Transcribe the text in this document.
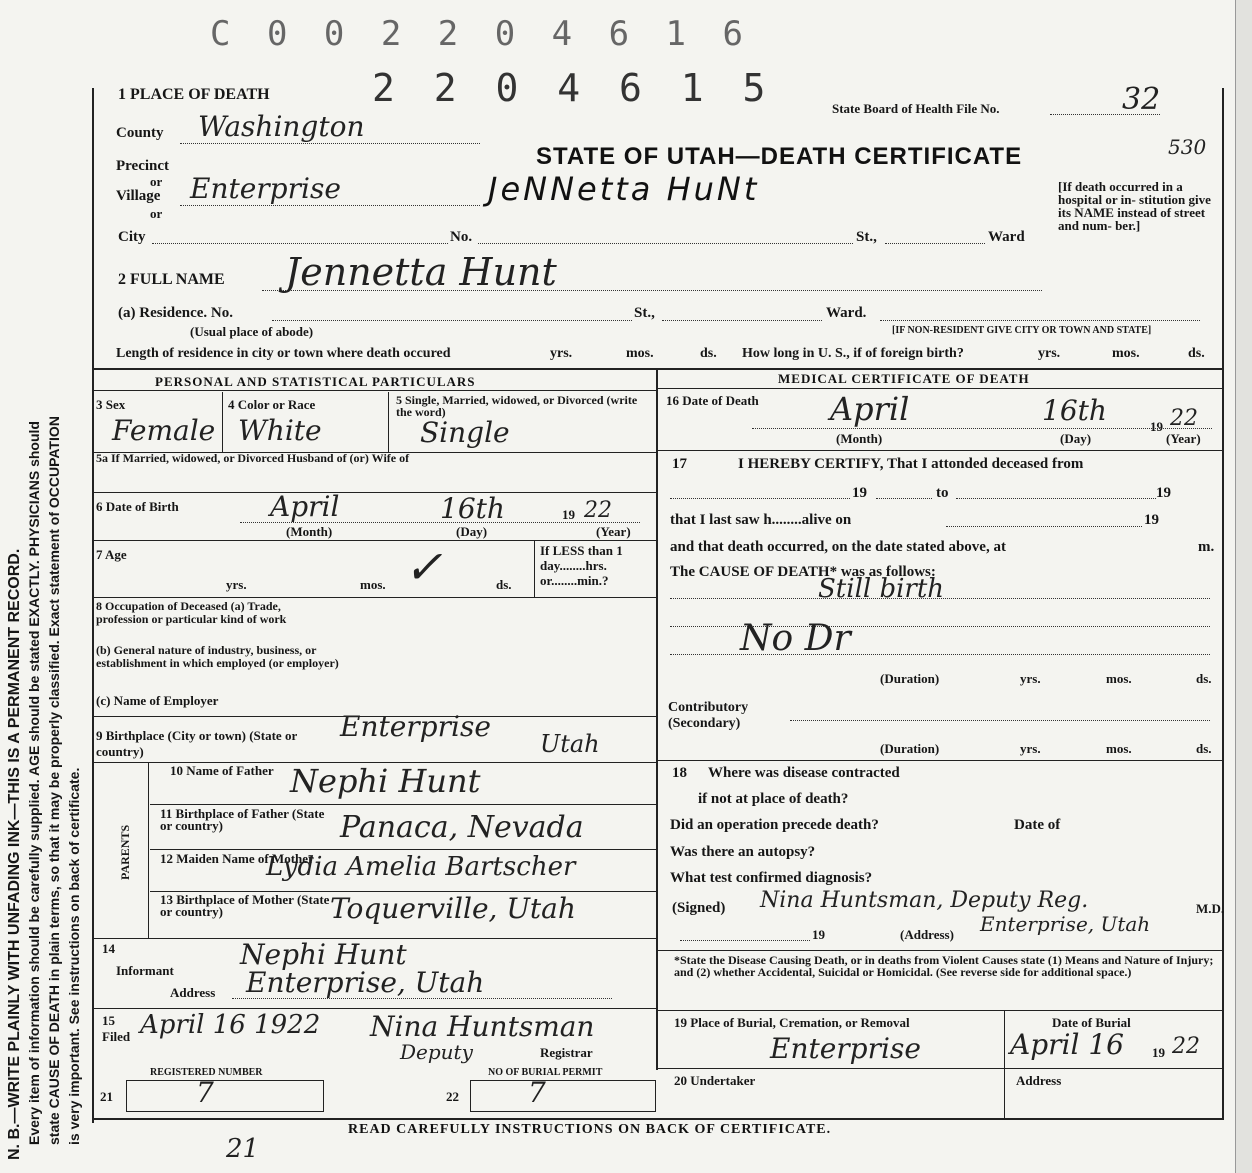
C 0 0 2 2 0 4 6 1 6
2 2 0 4 6 1 5
N. B.—WRITE PLAINLY WITH UNFADING INK—THIS IS A PERMANENT RECORD. Every item of information should be carefully supplied. AGE should be stated EXACTLY. PHYSICIANS should state CAUSE OF DEATH in plain terms, so that it may be properly classified. Exact statement of OCCUPATION is very important. See instructions on back of certificate.
1 PLACE OF DEATH
State Board of Health File No.	32
530
County Washington
STATE OF UTAH—DEATH CERTIFICATE
Precinct
or
Village Enterprise	JeNNetta HuNt
or
[If death occurred in a hospital or in- stitution give its NAME instead of street and num- ber.]
City	No.	St.,	Ward
2 FULL NAME Jennetta Hunt
(a) Residence. No.	St.,	Ward.
(Usual place of abode)	[IF NON-RESIDENT GIVE CITY OR TOWN AND STATE]
Length of residence in city or town where death occured	yrs.	mos.	ds. How long in U. S., if of foreign birth?	yrs.	mos.	ds.
PERSONAL AND STATISTICAL PARTICULARS
3 Sex
Female
4 Color or Race
White
5 Single, Married, widowed, or Divorced (write the word)
Single
5a If Married, widowed, or Divorced Husband of (or) Wife of
6 Date of Birth	April	16th	19 22
(Month)	(Day)	(Year)
7 Age
yrs.	mos.	ds.
✓	If LESS than 1 day........hrs. or........min.?
8 Occupation of Deceased (a) Trade, profession or particular kind of work
(b) General nature of industry, business, or establishment in which employed (or employer)
(c) Name of Employer
9 Birthplace (City or town) (State or country)
Enterprise
Utah
PARENTS
10 Name of Father Nephi Hunt
11 Birthplace of Father (State or country)	Panaca, Nevada
12 Maiden Name of Mother
Lydia Amelia Bartscher
13 Birthplace of Mother (State or country)	Toquerville, Utah
14
Informant Nephi Hunt
Address Enterprise, Utah
15
Filed April 16 1922 Nina Huntsman
Deputy	Registrar
REGISTERED NUMBER
21	7
NO OF BURIAL PERMIT
22 7
MEDICAL CERTIFICATE OF DEATH
16 Date of Death April	16th	19 22
(Month)	(Day)	(Year)
17	I HEREBY CERTIFY, That I attonded deceased from
19	to	19
that I last saw h........alive on	19
and that death occurred, on the date stated above, at	m.
The CAUSE OF DEATH* was as follows:
Still birth
No Dr
(Duration)	yrs.	mos.	ds.
Contributory (Secondary)
(Duration)	yrs.	mos.	ds.
18 Where was disease contracted
if not at place of death?
Did an operation precede death?	Date of
Was there an autopsy?
What test confirmed diagnosis?
(Signed) Nina Huntsman, Deputy Reg.	M.D.
19	(Address) Enterprise, Utah
*State the Disease Causing Death, or in deaths from Violent Causes state (1) Means and Nature of Injury; and (2) whether Accidental, Suicidal or Homicidal. (See reverse side for additional space.)
19 Place of Burial, Cremation, or Removal
Enterprise
Date of Burial
April 16 19 22
20 Undertaker	Address
READ CAREFULLY INSTRUCTIONS ON BACK OF CERTIFICATE.
21
